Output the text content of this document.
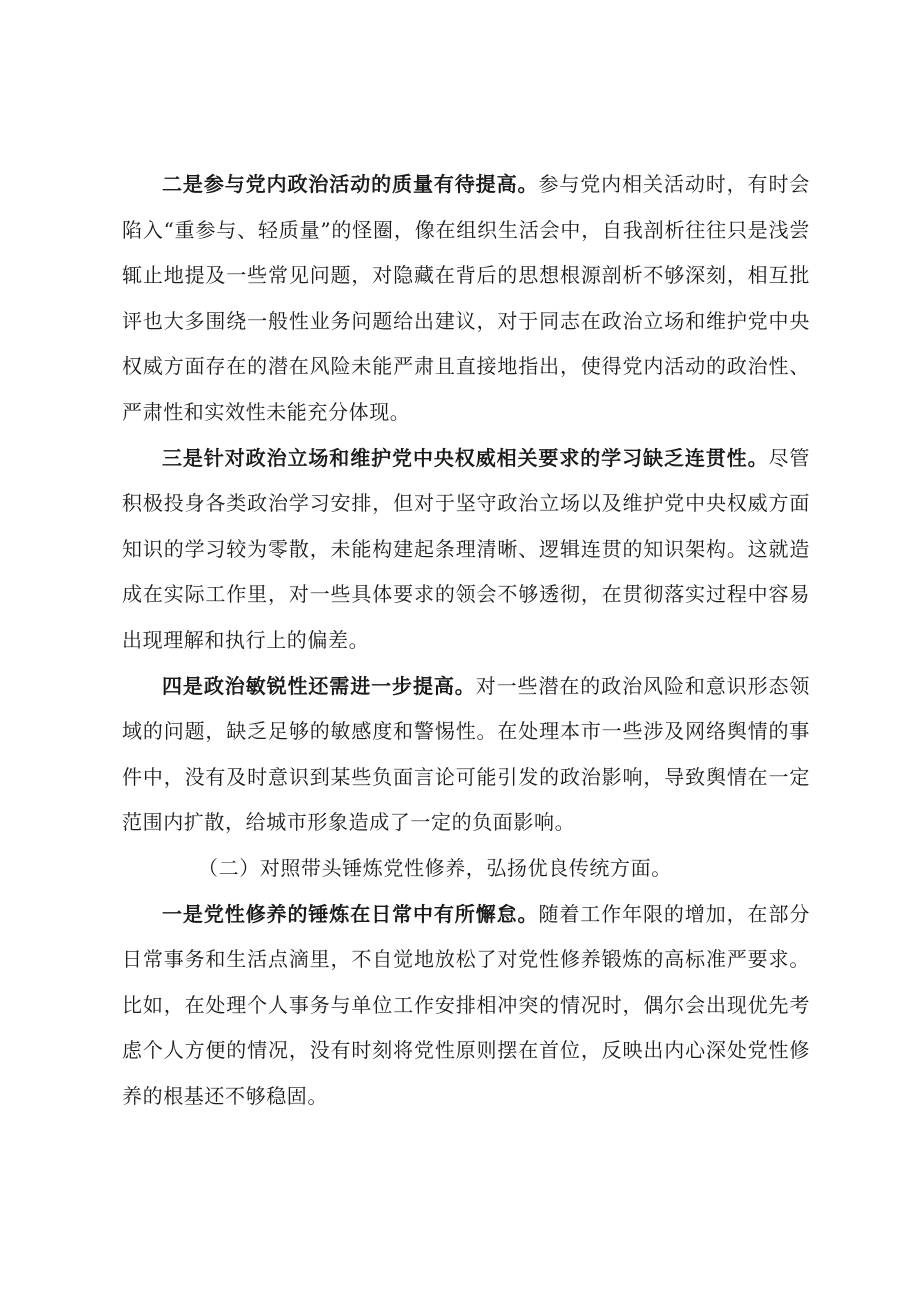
二是参与党内政治活动的质量有待提高。参与党内相关活动时，有时会陷入“重参与、轻质量”的怪圈，像在组织生活会中，自我剖析往往只是浅尝辄止地提及一些常见问题，对隐藏在背后的思想根源剖析不够深刻，相互批评也大多围绕一般性业务问题给出建议，对于同志在政治立场和维护党中央权威方面存在的潜在风险未能严肃且直接地指出，使得党内活动的政治性、严肃性和实效性未能充分体现。

三是针对政治立场和维护党中央权威相关要求的学习缺乏连贯性。尽管积极投身各类政治学习安排，但对于坚守政治立场以及维护党中央权威方面知识的学习较为零散，未能构建起条理清晰、逻辑连贯的知识架构。这就造成在实际工作里，对一些具体要求的领会不够透彻，在贯彻落实过程中容易出现理解和执行上的偏差。

四是政治敏锐性还需进一步提高。对一些潜在的政治风险和意识形态领域的问题，缺乏足够的敏感度和警惕性。在处理本市一些涉及网络舆情的事件中，没有及时意识到某些负面言论可能引发的政治影响，导致舆情在一定范围内扩散，给城市形象造成了一定的负面影响。

（二）对照带头锤炼党性修养，弘扬优良传统方面。

一是党性修养的锤炼在日常中有所懈怠。随着工作年限的增加，在部分日常事务和生活点滴里，不自觉地放松了对党性修养锻炼的高标准严要求。比如，在处理个人事务与单位工作安排相冲突的情况时，偶尔会出现优先考虑个人方便的情况，没有时刻将党性原则摆在首位，反映出内心深处党性修养的根基还不够稳固。
